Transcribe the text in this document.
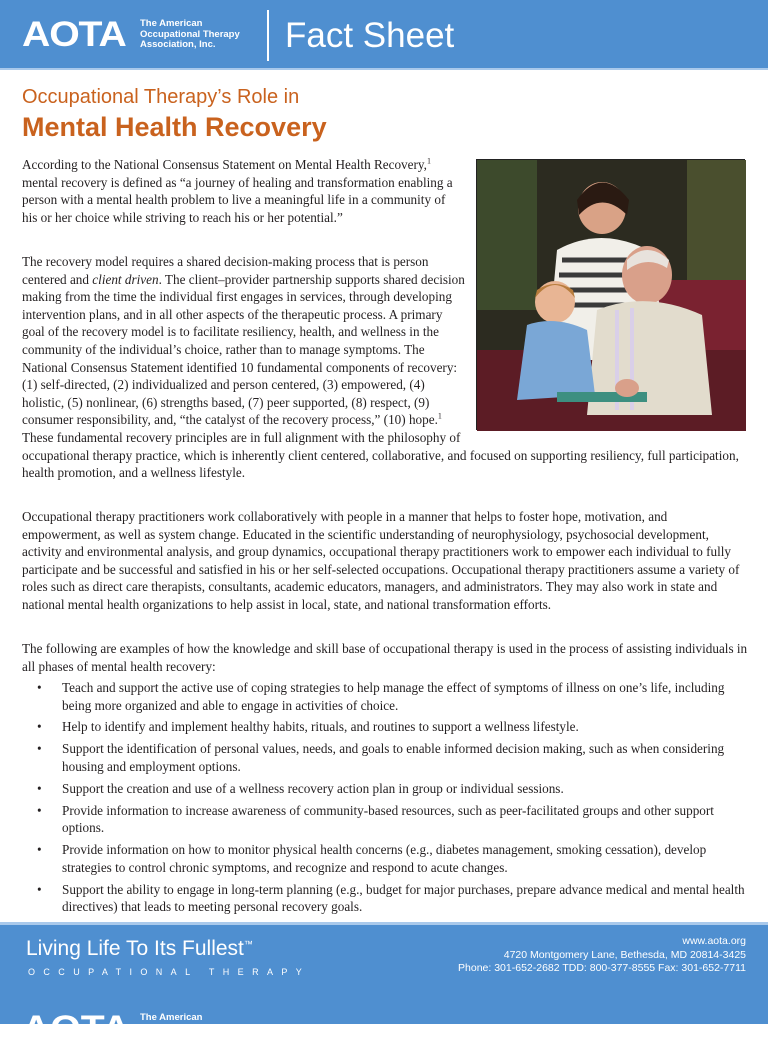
AOTA The American
Occupational Therapy
Association, Inc.	Fact Sheet
Occupational Therapy’s Role in
Mental Health Recovery

According to the National Consensus Statement on Mental Health Recovery,$^1$ mental recovery is defined as “a journey of healing and transformation enabling a person with a mental health problem to live a meaningful life in a community of his or her choice while striving to reach his or her potential.”

The recovery model requires a shared decision-making process that is person centered and client driven. The client–provider partnership supports shared decision making from the time the individual first engages in services, through developing intervention plans, and in all other aspects of the therapeutic process. A primary goal of the recovery model is to facilitate resiliency, health, and wellness in the community of the individual’s choice, rather than to manage symptoms. The National Consensus Statement identified 10 fundamental components of recovery: (1) self-directed, (2) individualized and person centered, (3) empowered, (4) holistic, (5) nonlinear, (6) strengths based, (7) peer supported, (8) respect, (9) consumer responsibility, and, “the catalyst of the recovery process,” (10) hope.$^1$ These fundamental recovery principles are in full alignment with the philosophy of occupational therapy practice, which is inherently client centered, collaborative, and focused on supporting resiliency, full participation, health promotion, and a wellness lifestyle.

Occupational therapy practitioners work collaboratively with people in a manner that helps to foster hope, motivation, and empowerment, as well as system change. Educated in the scientific understanding of neurophysiology, psychosocial development, activity and environmental analysis, and group dynamics, occupational therapy practitioners work to empower each individual to fully participate and be successful and satisfied in his or her self-selected occupations. Occupational therapy practitioners assume a variety of roles such as direct care therapists, consultants, academic educators, managers, and administrators. They may also work in state and national mental health organizations to help assist in local, state, and national transformation efforts.

The following are examples of how the knowledge and skill base of occupational therapy is used in the process of assisting individuals in all phases of mental health recovery:

• Teach and support the active use of coping strategies to help manage the effect of symptoms of illness on one’s life, including being more organized and able to engage in activities of choice.
• Help to identify and implement healthy habits, rituals, and routines to support a wellness lifestyle.
• Support the identification of personal values, needs, and goals to enable informed decision making, such as when considering housing and employment options.
• Support the creation and use of a wellness recovery action plan in group or individual sessions.
• Provide information to increase awareness of community-based resources, such as peer-facilitated groups and other support options.
• Provide information on how to monitor physical health concerns (e.g., diabetes management, smoking cessation), develop strategies to control chronic symptoms, and recognize and respond to acute changes.
• Support the ability to engage in long-term planning (e.g., budget for major purchases, prepare advance medical and mental health directives) that leads to meeting personal recovery goals.
Living Life To Its Fullest™
OCCUPATIONAL THERAPY
www.aota.org
4720 Montgomery Lane, Bethesda, MD 20814-3425
Phone: 301-652-2682 TDD: 800-377-8555 Fax: 301-652-7711
AOTA The American
